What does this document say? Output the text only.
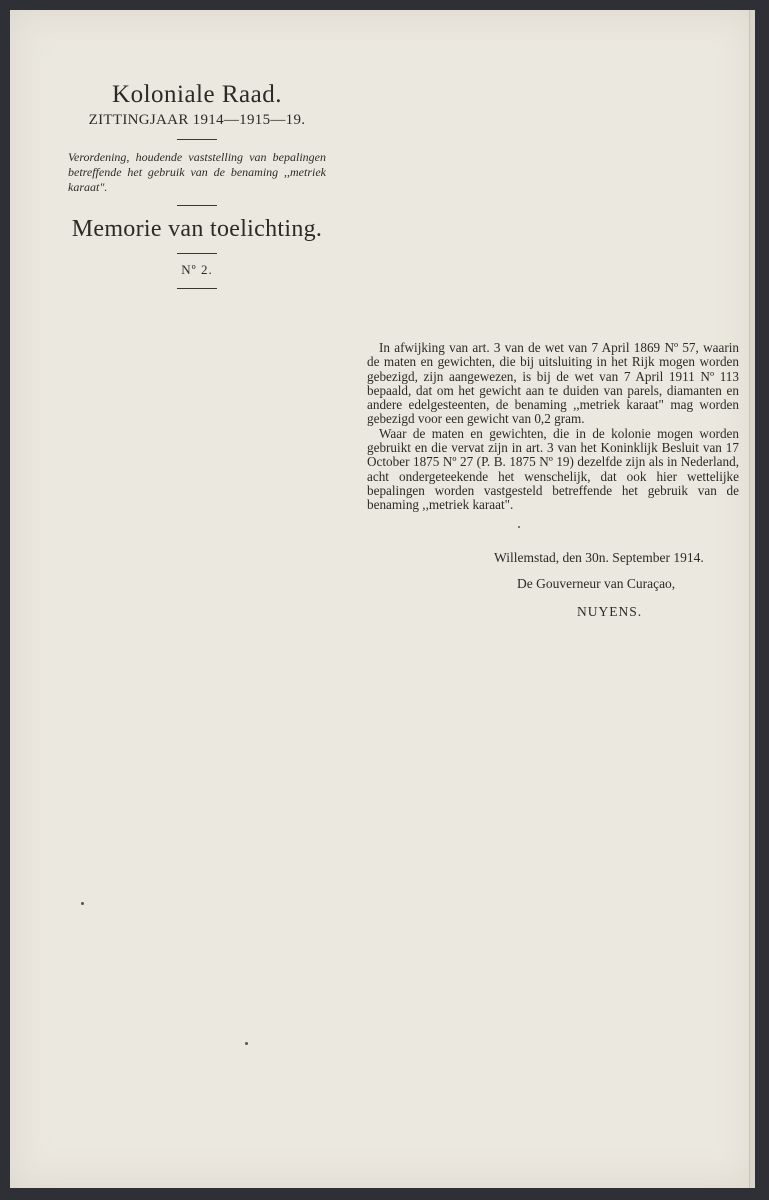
Koloniale Raad.

ZITTINGJAAR 1914—1915—19.

Verordening, houdende vaststelling van bepalingen betreffende het gebruik van de benaming ,,metriek karaat".

Memorie van toelichting.

Nº 2.

In afwijking van art. 3 van de wet van 7 April 1869 Nº 57, waarin de maten en gewichten, die bij uitsluiting in het Rijk mogen worden gebezigd, zijn aangewezen, is bij de wet van 7 April 1911 Nº 113 bepaald, dat om het gewicht aan te duiden van parels, diamanten en andere edelgesteenten, de benaming ,,metriek karaat" mag worden gebezigd voor een gewicht van 0,2 gram.

Waar de maten en gewichten, die in de kolonie mogen worden gebruikt en die vervat zijn in art. 3 van het Koninklijk Besluit van 17 October 1875 Nº 27 (P. B. 1875 Nº 19) dezelfde zijn als in Nederland, acht ondergeteekende het wenschelijk, dat ook hier wettelijke bepalingen worden vastgesteld betreffende het gebruik van de benaming ,,metriek karaat".

Willemstad, den 30n. September 1914.
De Gouverneur van Curaçao,
NUYENS.
